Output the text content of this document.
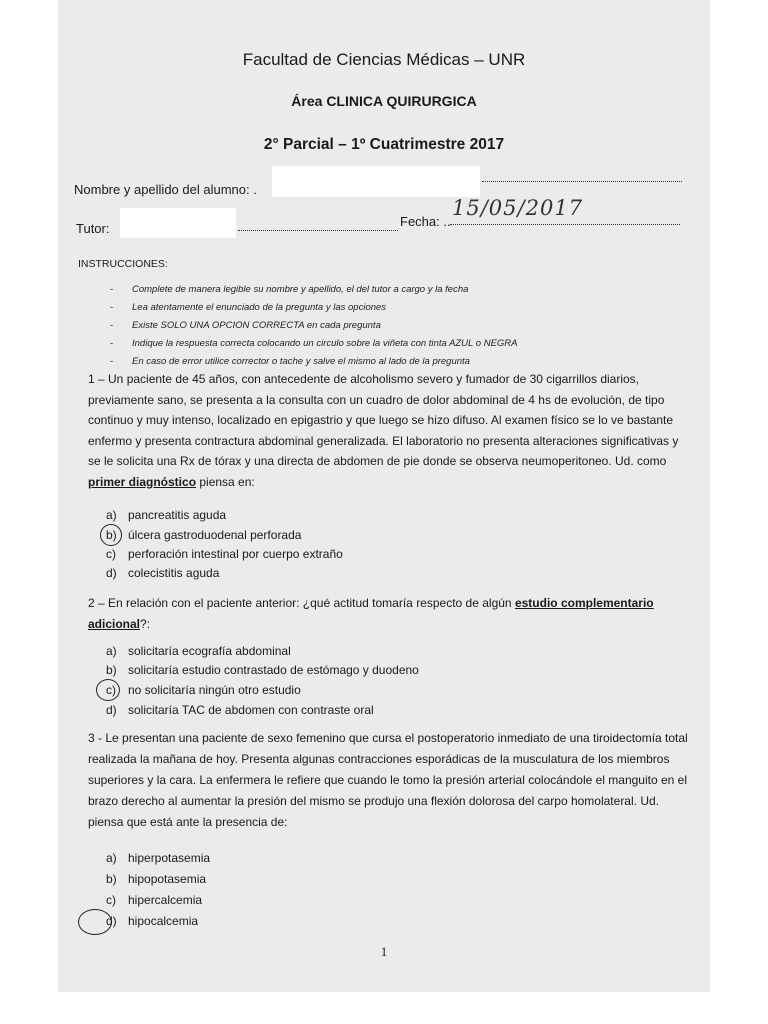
Facultad de Ciencias Médicas – UNR
Área CLINICA QUIRURGICA
2° Parcial – 1º Cuatrimestre 2017
Nombre y apellido del alumno: .
Tutor:	Fecha: ..
15/05/2017
INSTRUCCIONES:
- Complete de manera legible su nombre y apellido, el del tutor a cargo y la fecha
- Lea atentamente el enunciado de la pregunta y las opciones
- Existe SOLO UNA OPCION CORRECTA en cada pregunta
- Indique la respuesta correcta colocando un circulo sobre la viñeta con tinta AZUL o NEGRA
- En caso de error utilice corrector o tache y salve el mismo al lado de la pregunta
1 – Un paciente de 45 años, con antecedente de alcoholismo severo y fumador de 30 cigarrillos diarios, previamente sano, se presenta a la consulta con un cuadro de dolor abdominal de 4 hs de evolución, de tipo continuo y muy intenso, localizado en epigastrio y que luego se hizo difuso. Al examen físico se lo ve bastante enfermo y presenta contractura abdominal generalizada. El laboratorio no presenta alteraciones significativas y se le solicita una Rx de tórax y una directa de abdomen de pie donde se observa neumoperitoneo. Ud. como primer diagnóstico piensa en:
a) pancreatitis aguda
b) úlcera gastroduodenal perforada
c) perforación intestinal por cuerpo extraño
d) colecistitis aguda
2 – En relación con el paciente anterior: ¿qué actitud tomaría respecto de algún estudio complementario adicional?:
a) solicitaría ecografía abdominal
b) solicitaría estudio contrastado de estómago y duodeno
c) no solicitaría ningún otro estudio
d) solicitaría TAC de abdomen con contraste oral
3 - Le presentan una paciente de sexo femenino que cursa el postoperatorio inmediato de una tiroidectomía total realizada la mañana de hoy. Presenta algunas contracciones esporádicas de la musculatura de los miembros superiores y la cara. La enfermera le refiere que cuando le tomo la presión arterial colocándole el manguito en el brazo derecho al aumentar la presión del mismo se produjo una flexión dolorosa del carpo homolateral. Ud. piensa que está ante la presencia de:
a) hiperpotasemia
b) hipopotasemia
c) hipercalcemia
d) hipocalcemia
1
